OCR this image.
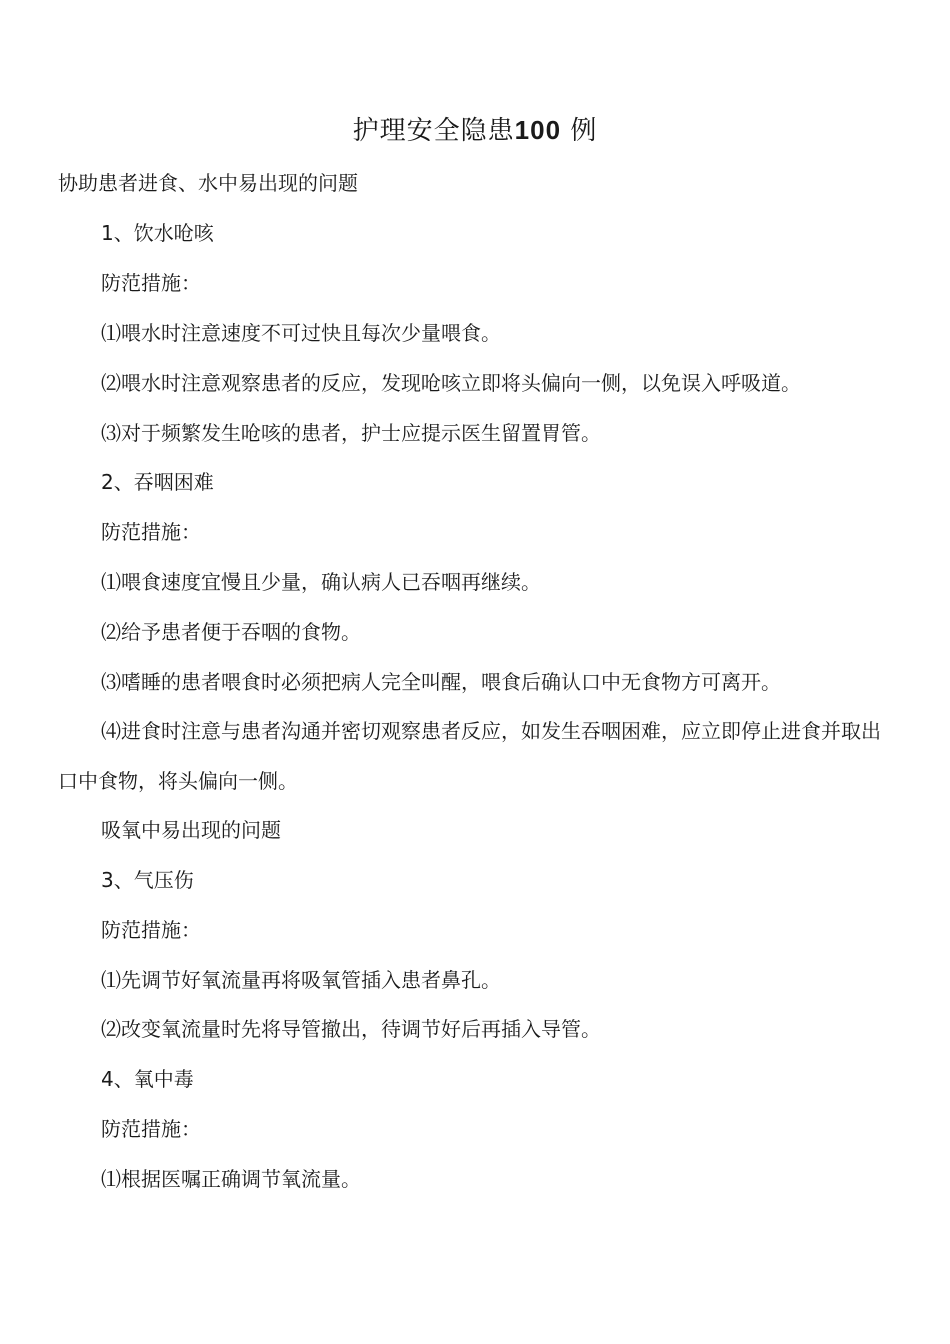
护理安全隐患100 例
协助患者进食、水中易出现的问题
1、饮水呛咳
防范措施：
⑴喂水时注意速度不可过快且每次少量喂食。
⑵喂水时注意观察患者的反应，发现呛咳立即将头偏向一侧，以免误入呼吸道。
⑶对于频繁发生呛咳的患者，护士应提示医生留置胃管。
2、吞咽困难
防范措施：
⑴喂食速度宜慢且少量，确认病人已吞咽再继续。
⑵给予患者便于吞咽的食物。
⑶嗜睡的患者喂食时必须把病人完全叫醒，喂食后确认口中无食物方可离开。
⑷进食时注意与患者沟通并密切观察患者反应，如发生吞咽困难，应立即停止进食并取出口中食物，将头偏向一侧。
吸氧中易出现的问题
3、气压伤
防范措施：
⑴先调节好氧流量再将吸氧管插入患者鼻孔。
⑵改变氧流量时先将导管撤出，待调节好后再插入导管。
4、氧中毒
防范措施：
⑴根据医嘱正确调节氧流量。
